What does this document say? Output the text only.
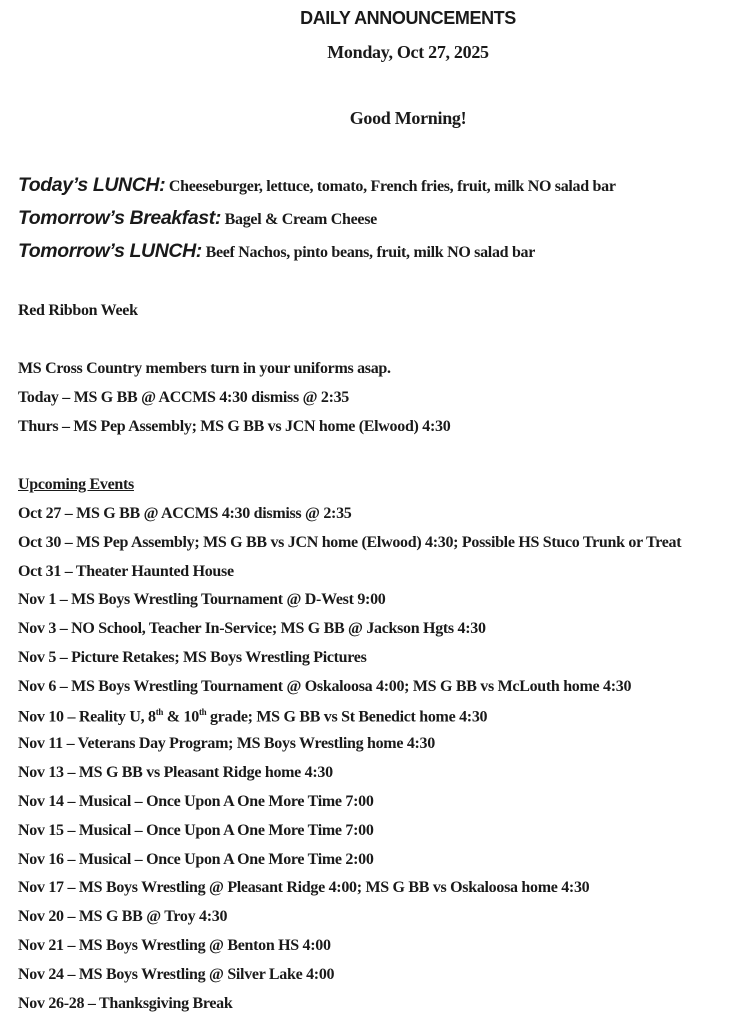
DAILY ANNOUNCEMENTS
Monday, Oct 27, 2025
Good Morning!
Today’s LUNCH: Cheeseburger, lettuce, tomato, French fries, fruit, milk NO salad bar
Tomorrow’s Breakfast: Bagel & Cream Cheese
Tomorrow’s LUNCH: Beef Nachos, pinto beans, fruit, milk NO salad bar
Red Ribbon Week
MS Cross Country members turn in your uniforms asap.
Today – MS G BB @ ACCMS 4:30 dismiss @ 2:35
Thurs – MS Pep Assembly; MS G BB vs JCN home (Elwood) 4:30
Upcoming Events
Oct 27 – MS G BB @ ACCMS 4:30 dismiss @ 2:35
Oct 30 – MS Pep Assembly; MS G BB vs JCN home (Elwood) 4:30; Possible HS Stuco Trunk or Treat
Oct 31 – Theater Haunted House
Nov 1 – MS Boys Wrestling Tournament @ D-West 9:00
Nov 3 – NO School, Teacher In-Service; MS G BB @ Jackson Hgts 4:30
Nov 5 – Picture Retakes; MS Boys Wrestling Pictures
Nov 6 – MS Boys Wrestling Tournament @ Oskaloosa 4:00; MS G BB vs McLouth home 4:30
Nov 10 – Reality U, 8th & 10th grade; MS G BB vs St Benedict home 4:30
Nov 11 – Veterans Day Program; MS Boys Wrestling home 4:30
Nov 13 – MS G BB vs Pleasant Ridge home 4:30
Nov 14 – Musical – Once Upon A One More Time 7:00
Nov 15 – Musical – Once Upon A One More Time 7:00
Nov 16 – Musical – Once Upon A One More Time 2:00
Nov 17 – MS Boys Wrestling @ Pleasant Ridge 4:00; MS G BB vs Oskaloosa home 4:30
Nov 20 – MS G BB @ Troy 4:30
Nov 21 – MS Boys Wrestling @ Benton HS 4:00
Nov 24 – MS Boys Wrestling @ Silver Lake 4:00
Nov 26-28 – Thanksgiving Break
